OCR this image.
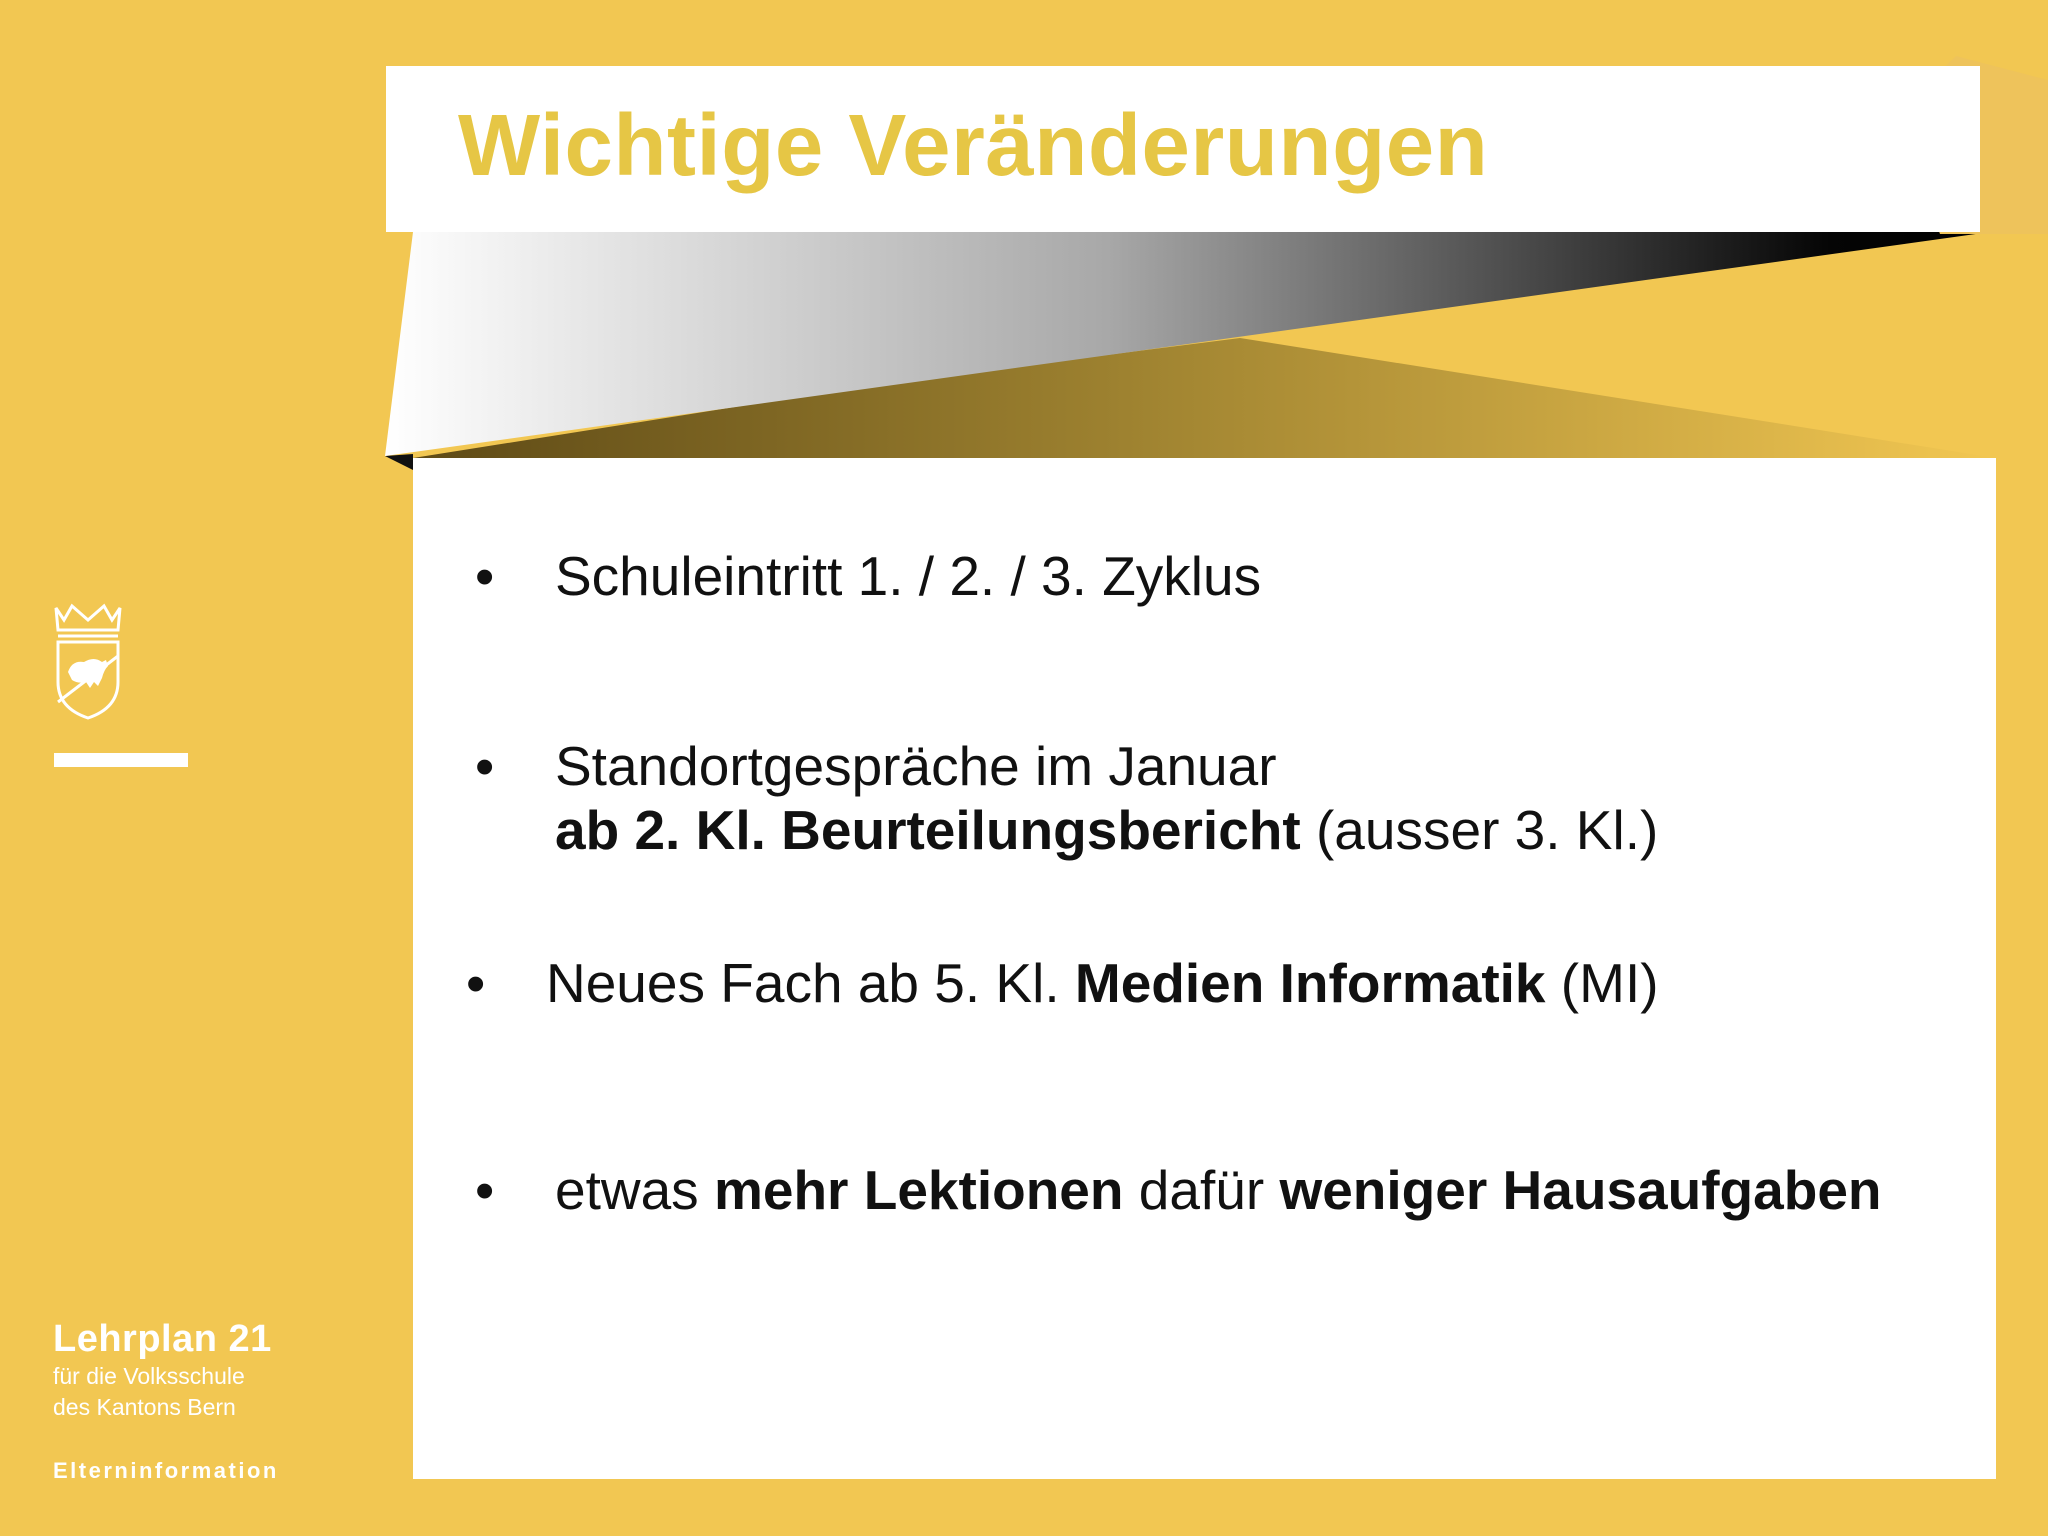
Wichtige Veränderungen
•	Schuleintritt 1. / 2. / 3. Zyklus
•	Standortgespräche im Januar
ab 2. Kl. Beurteilungsbericht (ausser 3. Kl.)
•	Neues Fach ab 5. Kl. Medien Informatik (MI)
•	etwas mehr Lektionen dafür weniger Hausaufgaben
Lehrplan 21
für die Volksschule
des Kantons Bern
Elterninformation
